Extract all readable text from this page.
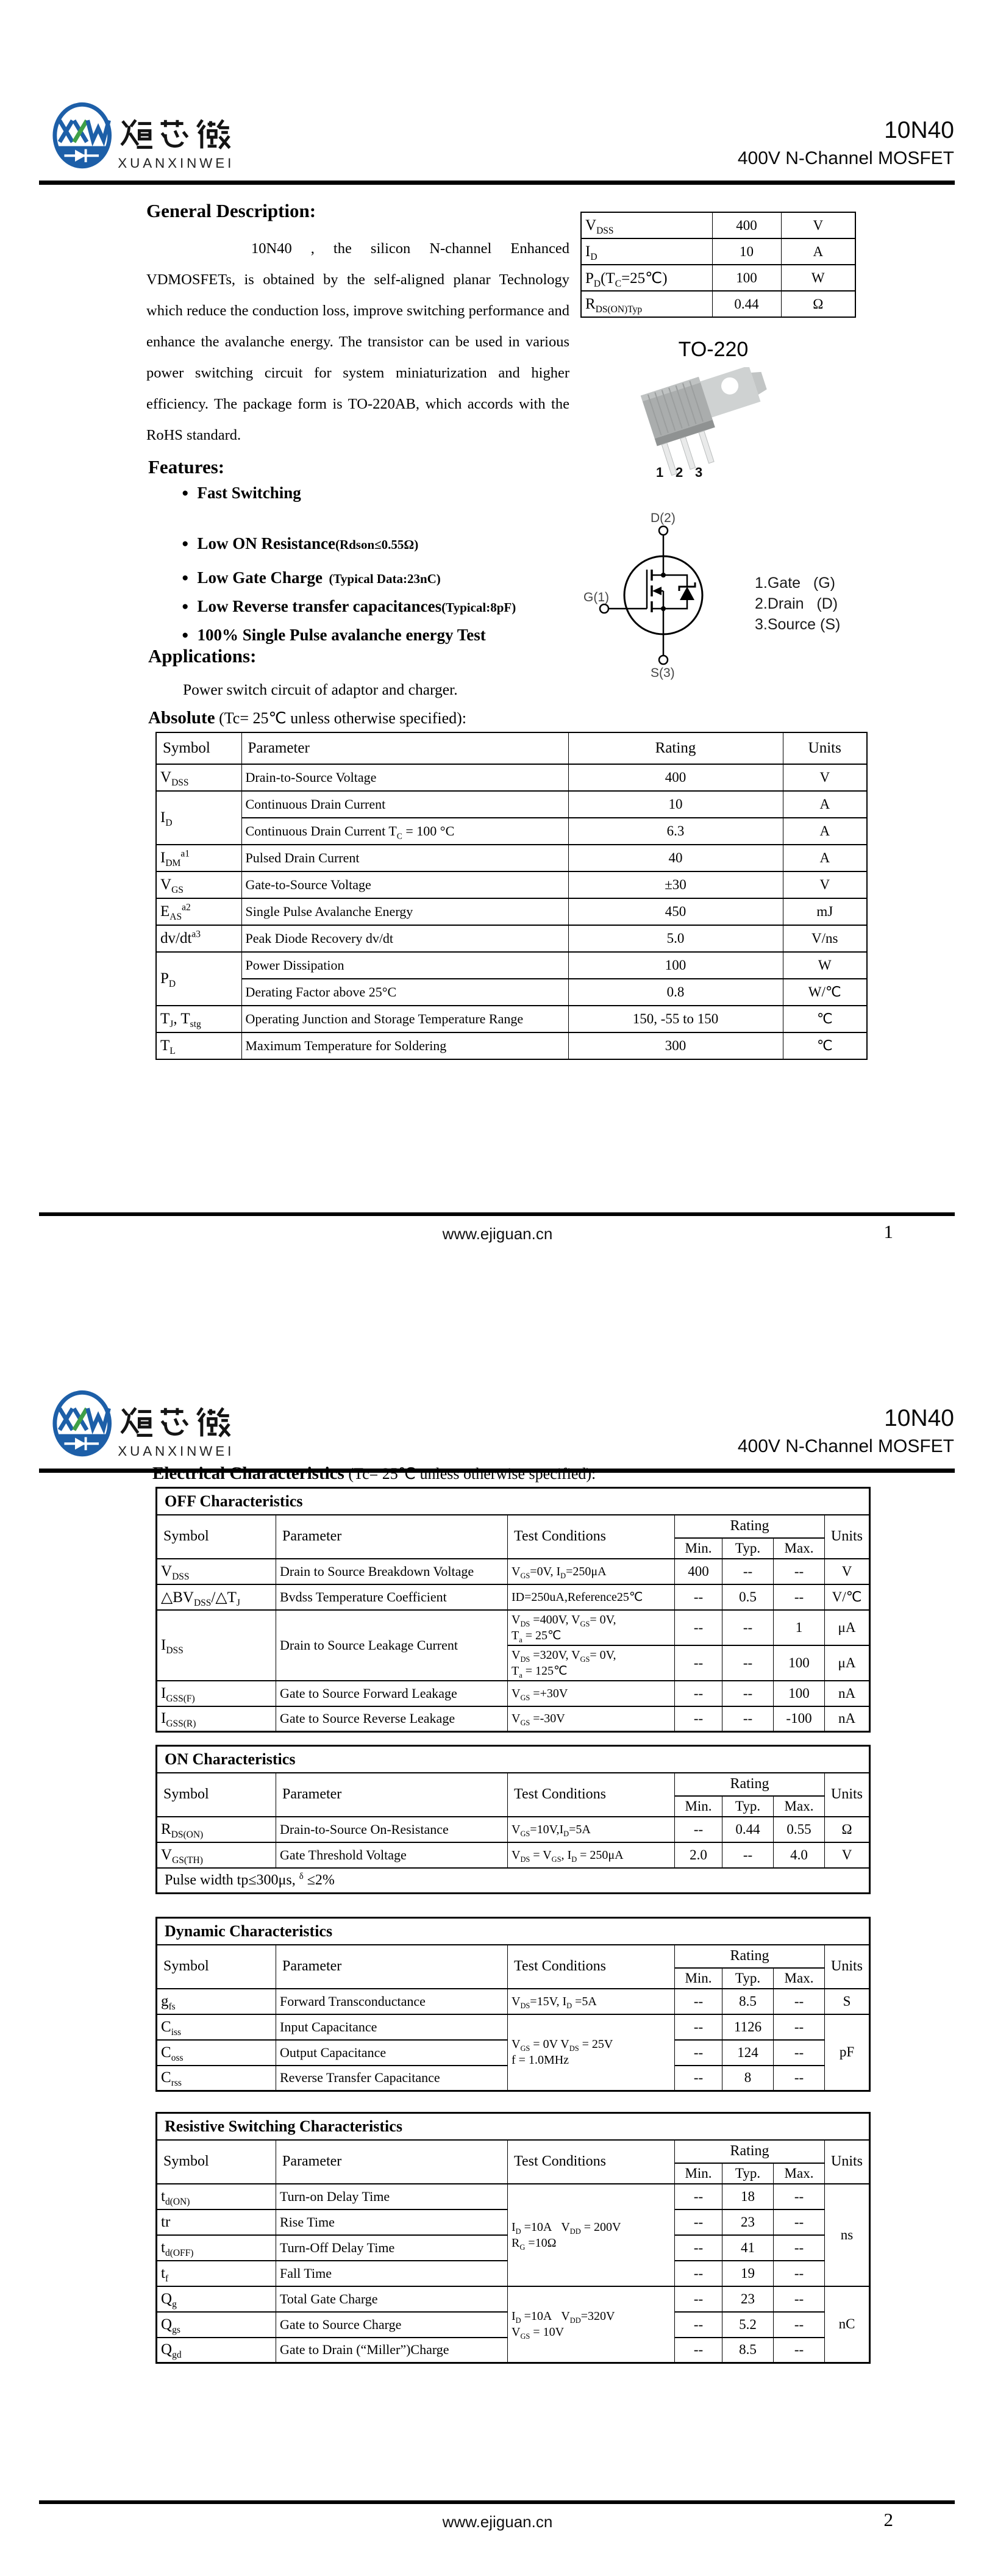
XUANXINWEI
10N40
400V N-Channel MOSFET
General Description:
10N40 , the silicon N-channel Enhanced VDMOSFETs, is obtained by the self-aligned planar Technology which reduce the conduction loss, improve switching performance and enhance the avalanche energy. The transistor can be used in various power switching circuit for system miniaturization and higher efficiency. The package form is TO-220AB, which accords with the RoHS standard.
Features:
● Fast Switching
● Low ON Resistance(Rdson≤0.55Ω)
● Low Gate Charge  (Typical Data:23nC)
● Low Reverse transfer capacitances(Typical:8pF)
● 100% Single Pulse avalanche energy Test
Applications:
Power switch circuit of adaptor and charger.
Absolute (Tc= 25℃ unless otherwise specified):
Symbol	Parameter	Rating	Units
$V_{DSS}$	Drain-to-Source Voltage	400	V
$I_D$	Continuous Drain Current	10	A
	Continuous Drain Current $T_C = 100$ °C	6.3	A
$I_{DM}^{a1}$	Pulsed Drain Current	40	A
$V_{GS}$	Gate-to-Source Voltage	±30	V
$E_{AS}^{a2}$	Single Pulse Avalanche Energy	450	mJ
$dv/dt^{a3}$	Peak Diode Recovery dv/dt	5.0	V/ns
$P_D$	Power Dissipation	100	W
	Derating Factor above 25°C	0.8	W/℃
$T_J$, $T_{stg}$	Operating Junction and Storage Temperature Range	150, -55 to 150	℃
$T_L$	Maximum Temperature for Soldering	300	℃
$V_{DSS}$	400	V
$I_D$	10	A
$P_D(T_C=25℃)$	100	W
$R_{DS(ON)Typ}$	0.44	Ω
TO-220
1 2 3
D(2)
G(1)
S(3)
1.Gate   (G)
2.Drain   (D)
3.Source (S)
www.ejiguan.cn	1
XUANXINWEI
10N40
400V N-Channel MOSFET
Electrical Characteristics (Tc= 25℃ unless otherwise specified):
OFF Characteristics						
Symbol	Parameter	Test Conditions	Rating			Units
			Min.	Typ.	Max.	
$V_{DSS}$	Drain to Source Breakdown Voltage	$V_{GS}=0V$, $I_D=250\mu A$	400	--	--	V
$\triangle BV_{DSS}/\triangle T_J$	Bvdss Temperature Coefficient	ID=250uA,Reference25℃	--	0.5	--	V/℃
$I_{DSS}$	Drain to Source Leakage Current	$V_{DS} =400V$, $V_{GS}= 0V$,
$T_a$ = 25℃	--	--	1	μA
		$V_{DS} =320V$, $V_{GS}= 0V$,
$T_a$ = 125℃	--	--	100	μA
$I_{GSS(F)}$	Gate to Source Forward Leakage	$V_{GS} =+30V$	--	--	100	nA
$I_{GSS(R)}$	Gate to Source Reverse Leakage	$V_{GS} =-30V$	--	--	-100	nA
ON Characteristics						
Symbol	Parameter	Test Conditions	Rating			Units
			Min.	Typ.	Max.	
$R_{DS(ON)}$	Drain-to-Source On-Resistance	$V_{GS}=10V,I_D=5A$	--	0.44	0.55	Ω
$V_{GS(TH)}$	Gate Threshold Voltage	$V_{DS} = V_{GS}$, $I_D = 250\mu A$	2.0	--	4.0	V
Pulse width tp≤300μs, $^\delta$ ≤2%						
Dynamic Characteristics						
Symbol	Parameter	Test Conditions	Rating			Units
			Min.	Typ.	Max.	
$g_{fs}$	Forward Transconductance	$V_{DS}=15V$, $I_D =5A$	--	8.5	--	S
$C_{iss}$	Input Capacitance	$V_{GS} = 0V$ $V_{DS} = 25V$
f = 1.0MHz	--	1126	--	pF
$C_{oss}$	Output Capacitance		--	124	--	
$C_{rss}$	Reverse Transfer Capacitance		--	8	--	
Resistive Switching Characteristics						
Symbol	Parameter	Test Conditions	Rating			Units
			Min.	Typ.	Max.	
$t_{d(ON)}$	Turn-on Delay Time	$I_D =10A$   $V_{DD} = 200V$
$R_G =10\Omega$	--	18	--	ns
tr	Rise Time		--	23	--	
$t_{d(OFF)}$	Turn-Off Delay Time		--	41	--	
$t_f$	Fall Time		--	19	--	
$Q_g$	Total Gate Charge	$I_D =10A$   $V_{DD}=320V$
$V_{GS} = 10V$	--	23	--	nC
$Q_{gs}$	Gate to Source Charge		--	5.2	--	
$Q_{gd}$	Gate to Drain (“Miller”)Charge		--	8.5	--	
www.ejiguan.cn	2
